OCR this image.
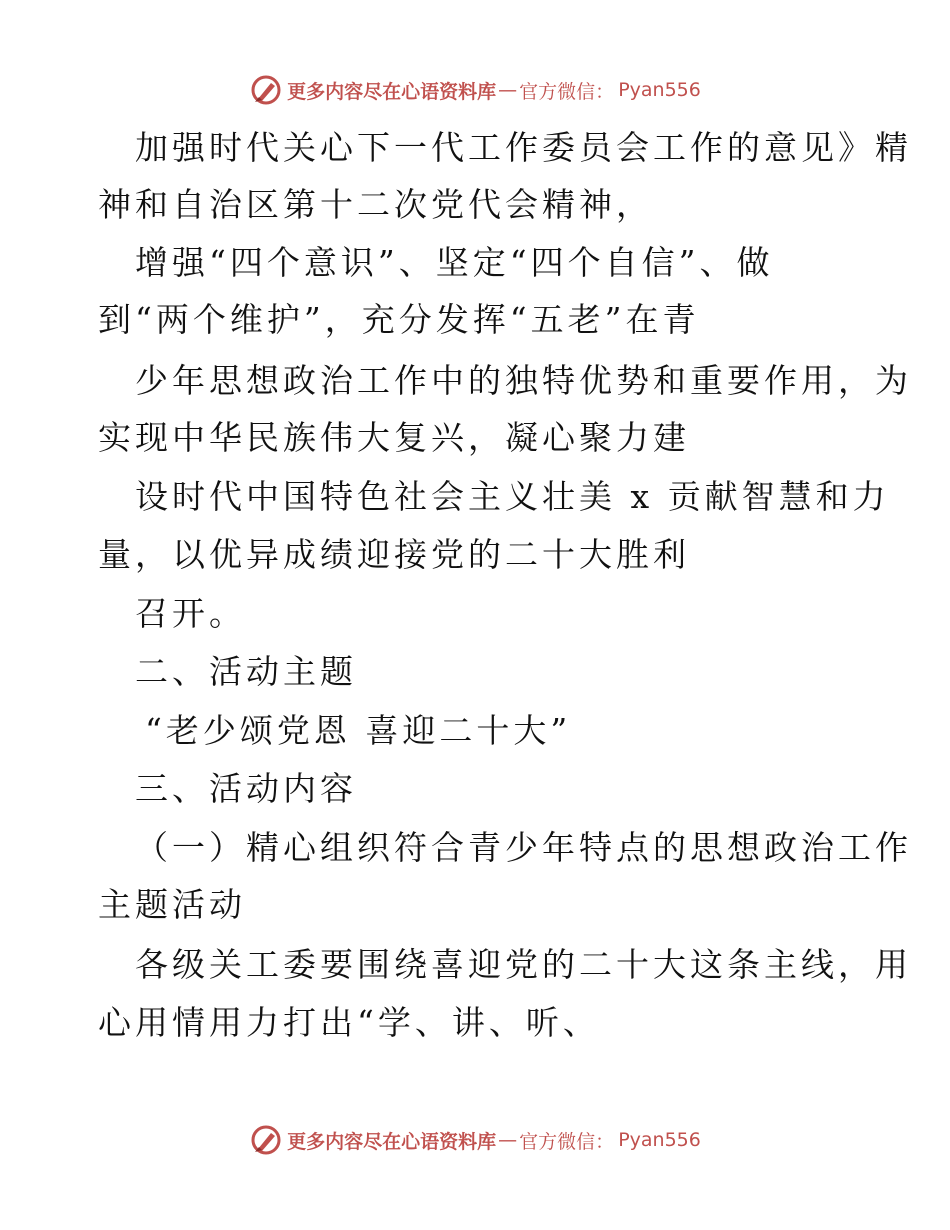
更多内容尽在心语资料库 — 官方微信： Pyan556
加强时代关心下一代工作委员会工作的意见》精
神和自治区第十二次党代会精神，
增强“四个意识”、坚定“四个自信”、做
到“两个维护”，充分发挥“五老”在青
少年思想政治工作中的独特优势和重要作用，为
实现中华民族伟大复兴，凝心聚力建
设时代中国特色社会主义壮美 x 贡献智慧和力
量，以优异成绩迎接党的二十大胜利
召开。
二、活动主题
“老少颂党恩 喜迎二十大”
三、活动内容
（一）精心组织符合青少年特点的思想政治工作
主题活动
各级关工委要围绕喜迎党的二十大这条主线，用
心用情用力打出“学、讲、听、
更多内容尽在心语资料库 — 官方微信： Pyan556
